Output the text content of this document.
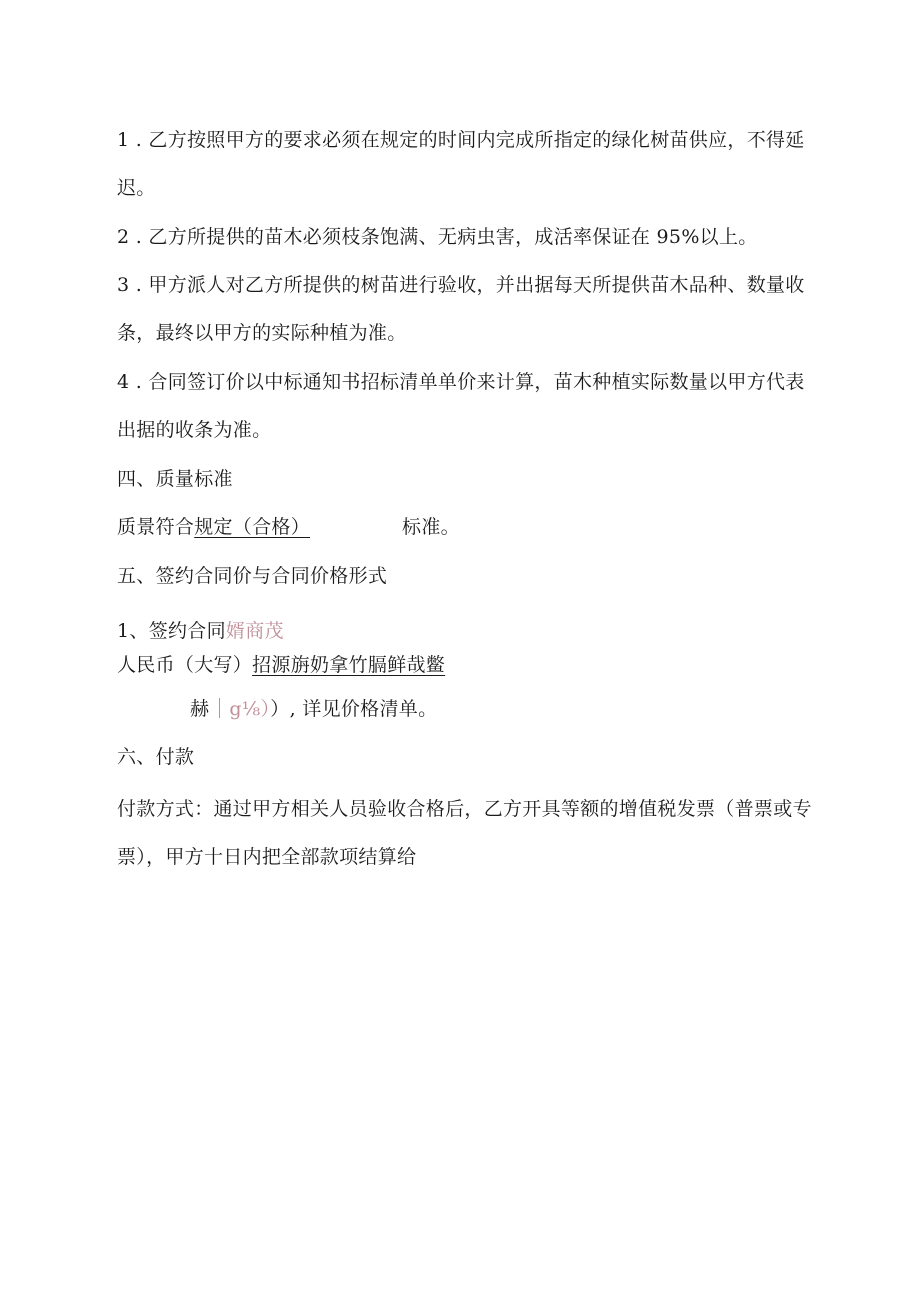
1 . 乙方按照甲方的要求必须在规定的时间内完成所指定的绿化树苗供应，不得延
迟。
2 . 乙方所提供的苗木必须枝条饱满、无病虫害，成活率保证在 95%以上。
3 . 甲方派人对乙方所提供的树苗进行验收，并出据每天所提供苗木品种、数量收
条，最终以甲方的实际种植为准。
4 . 合同签订价以中标通知书招标清单单价来计算，苗木种植实际数量以甲方代表
出据的收条为准。
四、质量标准
质景符合规定（合格）	标准。
五、签约合同价与合同价格形式
1、签约合同婿商茂
人民币（大写）招源旃奶拿竹膈鲜哉鳖
赫 g⅛））, 详见价格清单。
六、付款
付款方式：通过甲方相关人员验收合格后，乙方开具等额的增值税发票（普票或专
票），甲方十日内把全部款项结算给
